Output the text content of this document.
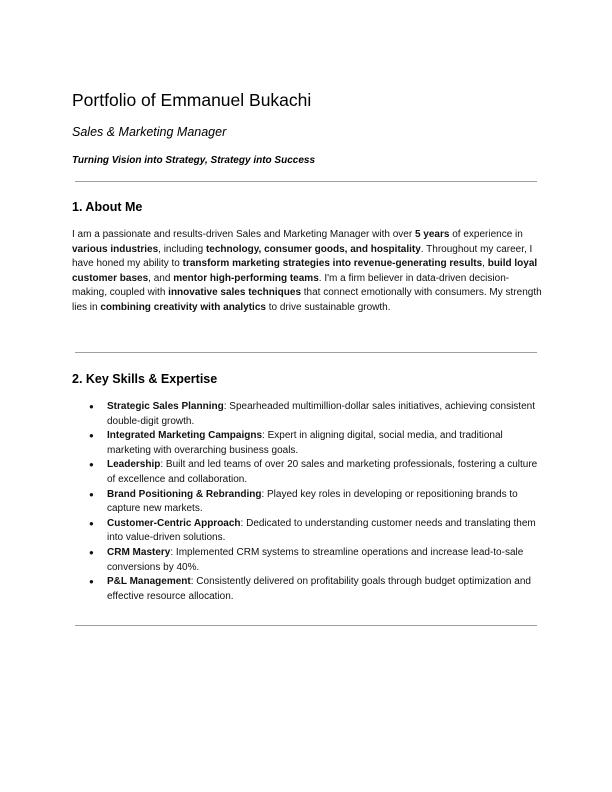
Portfolio of Emmanuel Bukachi

Sales & Marketing Manager

Turning Vision into Strategy, Strategy into Success

1. About Me

I am a passionate and results-driven Sales and Marketing Manager with over 5 years of experience in various industries, including technology, consumer goods, and hospitality. Throughout my career, I have honed my ability to transform marketing strategies into revenue-generating results, build loyal customer bases, and mentor high-performing teams. I'm a firm believer in data-driven decision-making, coupled with innovative sales techniques that connect emotionally with consumers. My strength lies in combining creativity with analytics to drive sustainable growth.

2. Key Skills & Expertise
● Strategic Sales Planning: Spearheaded multimillion-dollar sales initiatives, achieving consistent double-digit growth.
● Integrated Marketing Campaigns: Expert in aligning digital, social media, and traditional marketing with overarching business goals.
● Leadership: Built and led teams of over 20 sales and marketing professionals, fostering a culture of excellence and collaboration.
● Brand Positioning & Rebranding: Played key roles in developing or repositioning brands to capture new markets.
● Customer-Centric Approach: Dedicated to understanding customer needs and translating them into value-driven solutions.
● CRM Mastery: Implemented CRM systems to streamline operations and increase lead-to-sale conversions by 40%.
● P&L Management: Consistently delivered on profitability goals through budget optimization and effective resource allocation.
